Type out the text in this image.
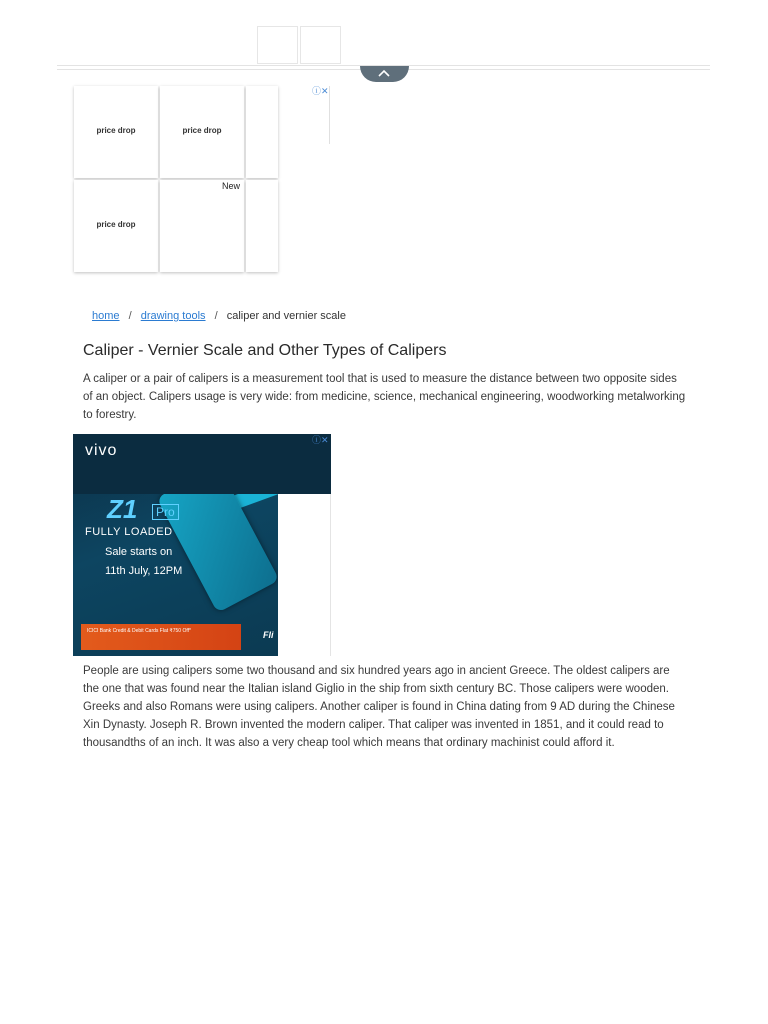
price drop	price drop
price drop
New
ⓘ✕
home / drawing tools / caliper and vernier scale
Caliper - Vernier Scale and Other Types of Calipers

A caliper or a pair of calipers is a measurement tool that is used to measure the distance between two opposite sides of an object. Calipers usage is very wide: from medicine, science, mechanical engineering, woodworking metalworking to forestry.

Z1	Pro
FULLY LOADED
Sale starts on
11th July, 12PM
ICICI Bank Credit & Debit Cards Flat ₹750 Off*	Fli
vivo
ⓘ✕

People are using calipers some two thousand and six hundred years ago in ancient Greece. The oldest calipers are the one that was found near the Italian island Giglio in the ship from sixth century BC. Those calipers were wooden. Greeks and also Romans were using calipers. Another caliper is found in China dating from 9 AD during the Chinese Xin Dynasty. Joseph R. Brown invented the modern caliper. That caliper was invented in 1851, and it could read to thousandths of an inch. It was also a very cheap tool which means that ordinary machinist could afford it.
